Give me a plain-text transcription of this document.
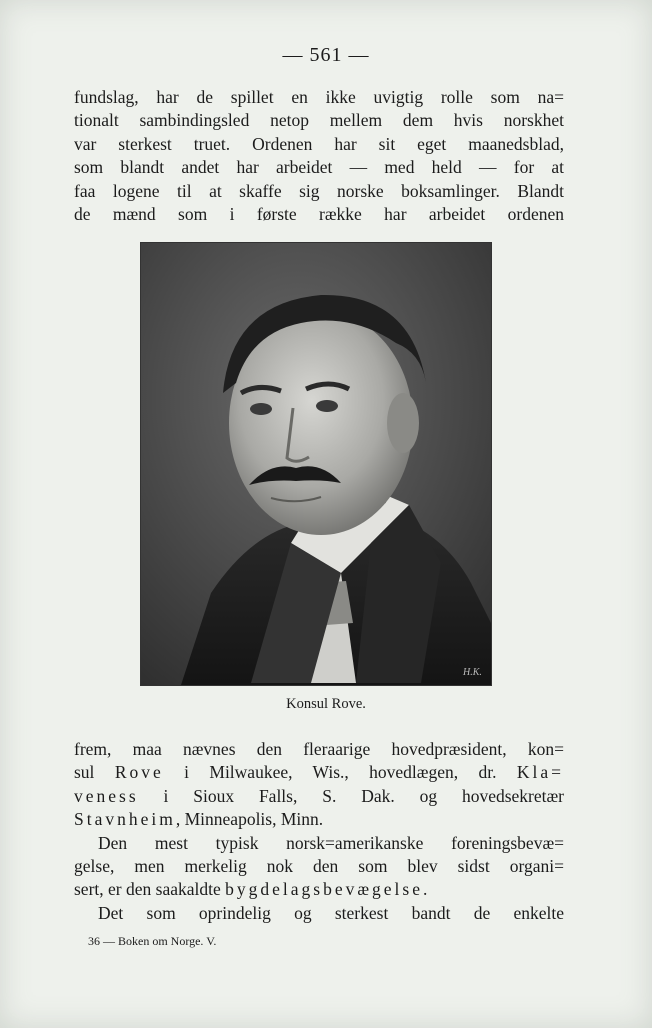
— 561 —
fundslag, har de spillet en ikke uvigtig rolle som na=
tionalt sambindingsled netop mellem dem hvis norskhet
var sterkest truet. Ordenen har sit eget maanedsblad,
som blandt andet har arbeidet — med held — for at
faa logene til at skaffe sig norske boksamlinger. Blandt
de mænd som i første række har arbeidet ordenen
H.K.
Konsul Rove.
frem, maa nævnes den fleraarige hovedpræsident, kon=
sul Rove i Milwaukee, Wis., hovedlægen, dr. Kla=
veness i Sioux Falls, S. Dak. og hovedsekretær
Stavnheim, Minneapolis, Minn.
Den mest typisk norsk=amerikanske foreningsbevæ=
gelse, men merkelig nok den som blev sidst organi=
sert, er den saakaldte bygdelagsbevægelse.
Det som oprindelig og sterkest bandt de enkelte
36 — Boken om Norge. V.
